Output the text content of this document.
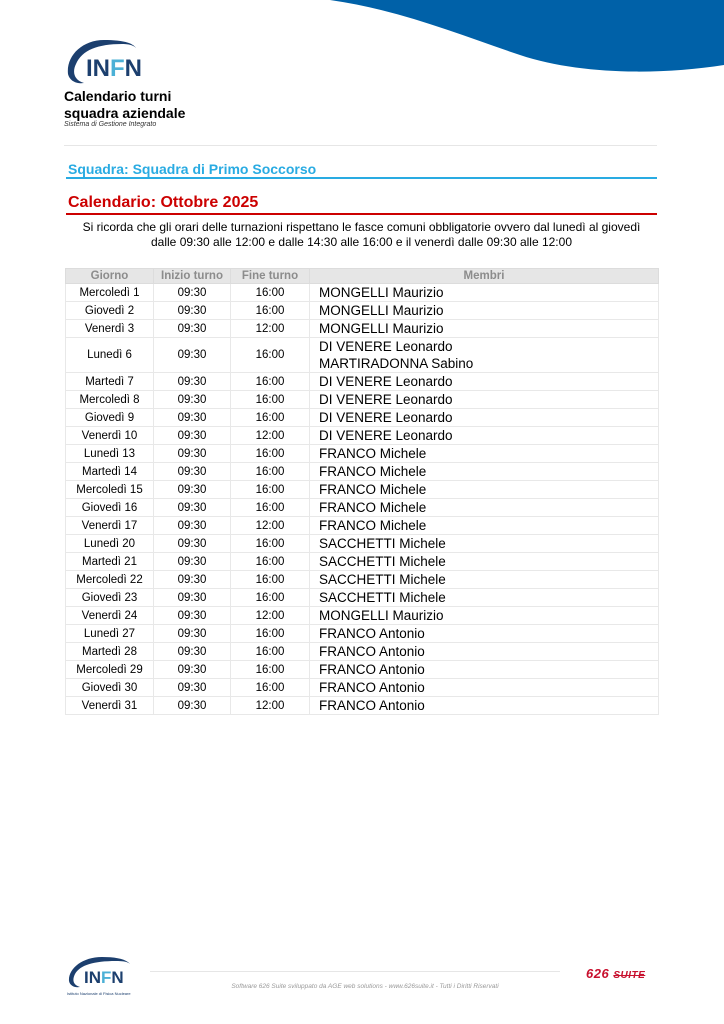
INFN
Calendario turni
squadra aziendale
Sistema di Gestione Integrato
Squadra: Squadra di Primo Soccorso
Calendario: Ottobre 2025
Si ricorda che gli orari delle turnazioni rispettano le fasce comuni obbligatorie ovvero dal lunedì al giovedì
dalle 09:30 alle 12:00 e dalle 14:30 alle 16:00 e il venerdì dalle 09:30 alle 12:00
Giorno	Inizio turno	Fine turno	Membri
Mercoledì 1	09:30	16:00	MONGELLI Maurizio

Giovedì 2	09:30	16:00	MONGELLI Maurizio

Venerdì 3	09:30	12:00	MONGELLI Maurizio

Lunedì 6	09:30	16:00	DI VENERE Leonardo
MARTIRADONNA Sabino

Martedì 7	09:30	16:00	DI VENERE Leonardo

Mercoledì 8	09:30	16:00	DI VENERE Leonardo

Giovedì 9	09:30	16:00	DI VENERE Leonardo

Venerdì 10	09:30	12:00	DI VENERE Leonardo

Lunedì 13	09:30	16:00	FRANCO Michele

Martedì 14	09:30	16:00	FRANCO Michele

Mercoledì 15	09:30	16:00	FRANCO Michele

Giovedì 16	09:30	16:00	FRANCO Michele

Venerdì 17	09:30	12:00	FRANCO Michele

Lunedì 20	09:30	16:00	SACCHETTI Michele

Martedì 21	09:30	16:00	SACCHETTI Michele

Mercoledì 22	09:30	16:00	SACCHETTI Michele

Giovedì 23	09:30	16:00	SACCHETTI Michele

Venerdì 24	09:30	12:00	MONGELLI Maurizio

Lunedì 27	09:30	16:00	FRANCO Antonio

Martedì 28	09:30	16:00	FRANCO Antonio

Mercoledì 29	09:30	16:00	FRANCO Antonio

Giovedì 30	09:30	16:00	FRANCO Antonio

Venerdì 31	09:30	12:00	FRANCO Antonio
INFN
Istituto Nazionale di Fisica Nucleare
Software 626 Suite sviluppato da AGE web solutions - www.626suite.it - Tutti i Diritti Riservati
626 SUITE
